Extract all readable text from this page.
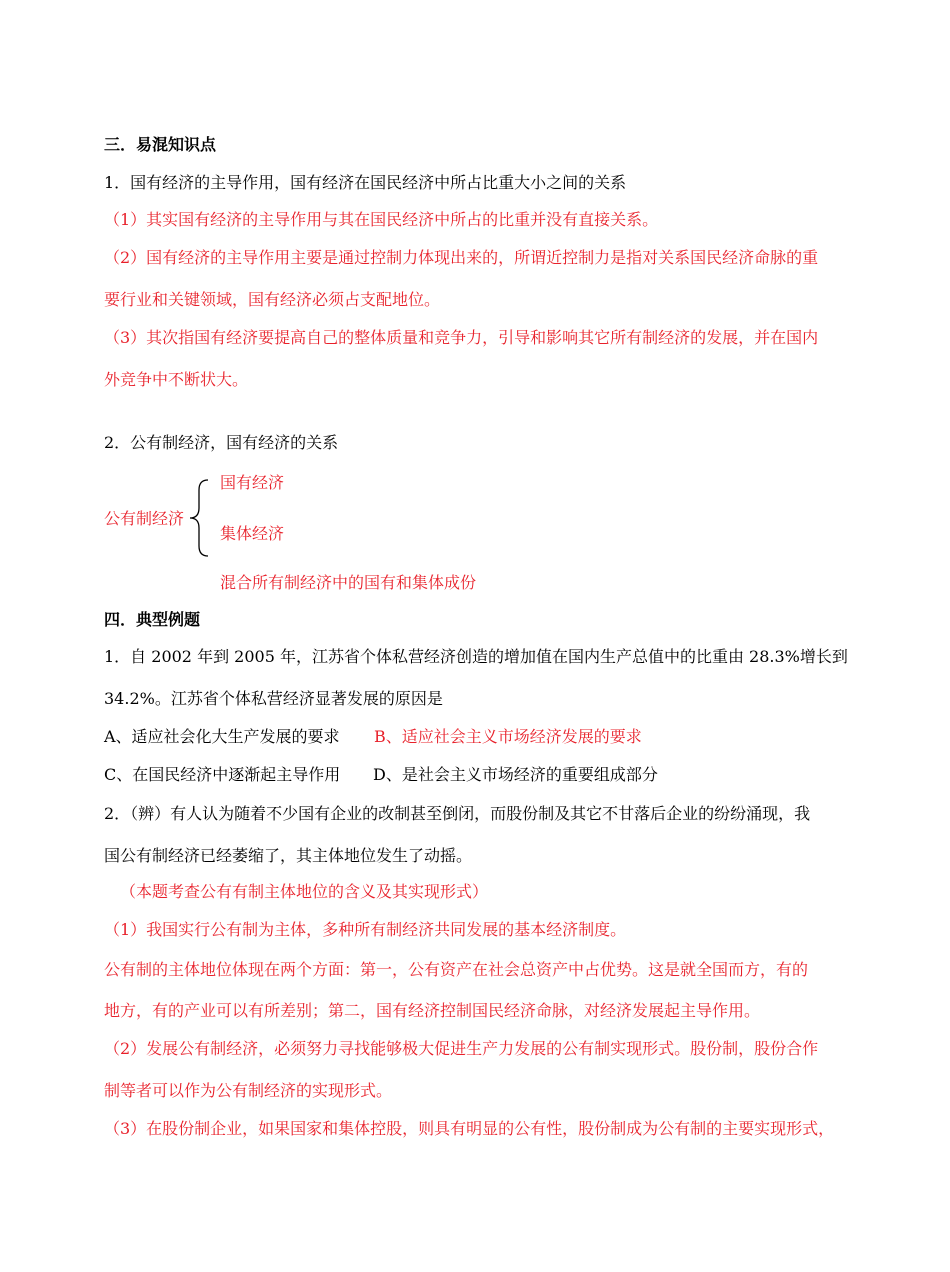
三．易混知识点
1．国有经济的主导作用，国有经济在国民经济中所占比重大小之间的关系
（1）其实国有经济的主导作用与其在国民经济中所占的比重并没有直接关系。
（2）国有经济的主导作用主要是通过控制力体现出来的，所谓近控制力是指对关系国民经济命脉的重
要行业和关键领域，国有经济必须占支配地位。
（3）其次指国有经济要提高自己的整体质量和竞争力，引导和影响其它所有制经济的发展，并在国内
外竞争中不断状大。
2．公有制经济，国有经济的关系
公有制经济
国有经济
集体经济
混合所有制经济中的国有和集体成份
四．典型例题
1．自 2002 年到 2005 年，江苏省个体私营经济创造的增加值在国内生产总值中的比重由 28.3%增长到
34.2%。江苏省个体私营经济显著发展的原因是
A、适应社会化大生产发展的要求 B、适应社会主义市场经济发展的要求
C、在国民经济中逐渐起主导作用 D、是社会主义市场经济的重要组成部分
2．（辨）有人认为随着不少国有企业的改制甚至倒闭，而股份制及其它不甘落后企业的纷纷涌现，我
国公有制经济已经萎缩了，其主体地位发生了动摇。
（本题考查公有有制主体地位的含义及其实现形式）
（1）我国实行公有制为主体，多种所有制经济共同发展的基本经济制度。
公有制的主体地位体现在两个方面：第一，公有资产在社会总资产中占优势。这是就全国而方，有的
地方，有的产业可以有所差别；第二，国有经济控制国民经济命脉，对经济发展起主导作用。
（2）发展公有制经济，必须努力寻找能够极大促进生产力发展的公有制实现形式。股份制，股份合作
制等者可以作为公有制经济的实现形式。
（3）在股份制企业，如果国家和集体控股，则具有明显的公有性，股份制成为公有制的主要实现形式，
